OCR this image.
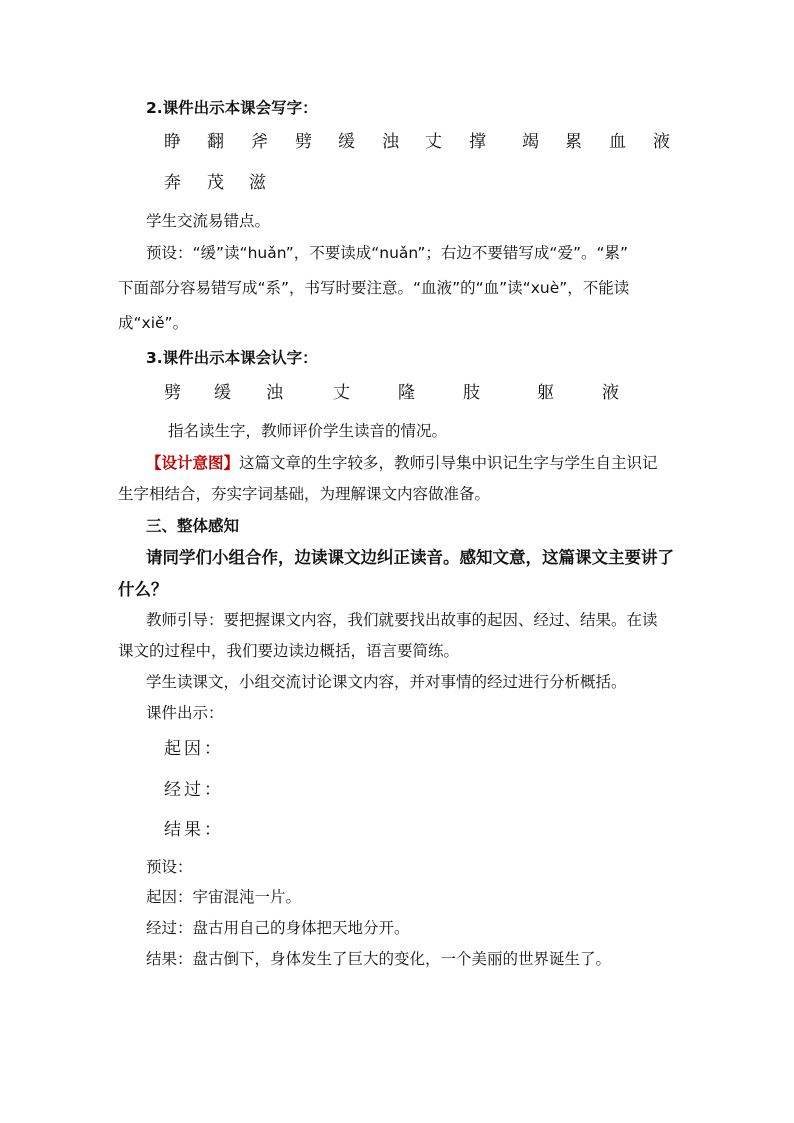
2.课件出示本课会写字：
睁 翻 斧 劈 缓 浊 丈 撑 竭 累 血 液
奔 茂 滋
学生交流易错点。
预设：“缓”读“huǎn”，不要读成“nuǎn”；右边不要错写成“爱”。“累”
下面部分容易错写成“系”，书写时要注意。“血液”的“血”读“xuè”，不能读
成“xiě”。
3.课件出示本课会认字：
劈 缓 浊	丈	隆	肢	躯	液
指名读生字，教师评价学生读音的情况。
【设计意图】这篇文章的生字较多，教师引导集中识记生字与学生自主识记
生字相结合，夯实字词基础，为理解课文内容做准备。
三、整体感知
请同学们小组合作，边读课文边纠正读音。感知文意，这篇课文主要讲了
什么？
教师引导：要把握课文内容，我们就要找出故事的起因、经过、结果。在读
课文的过程中，我们要边读边概括，语言要简练。
学生读课文，小组交流讨论课文内容，并对事情的经过进行分析概括。
课件出示：
起因：
经过：
结果：
预设：
起因：宇宙混沌一片。
经过：盘古用自己的身体把天地分开。
结果：盘古倒下，身体发生了巨大的变化，一个美丽的世界诞生了。
